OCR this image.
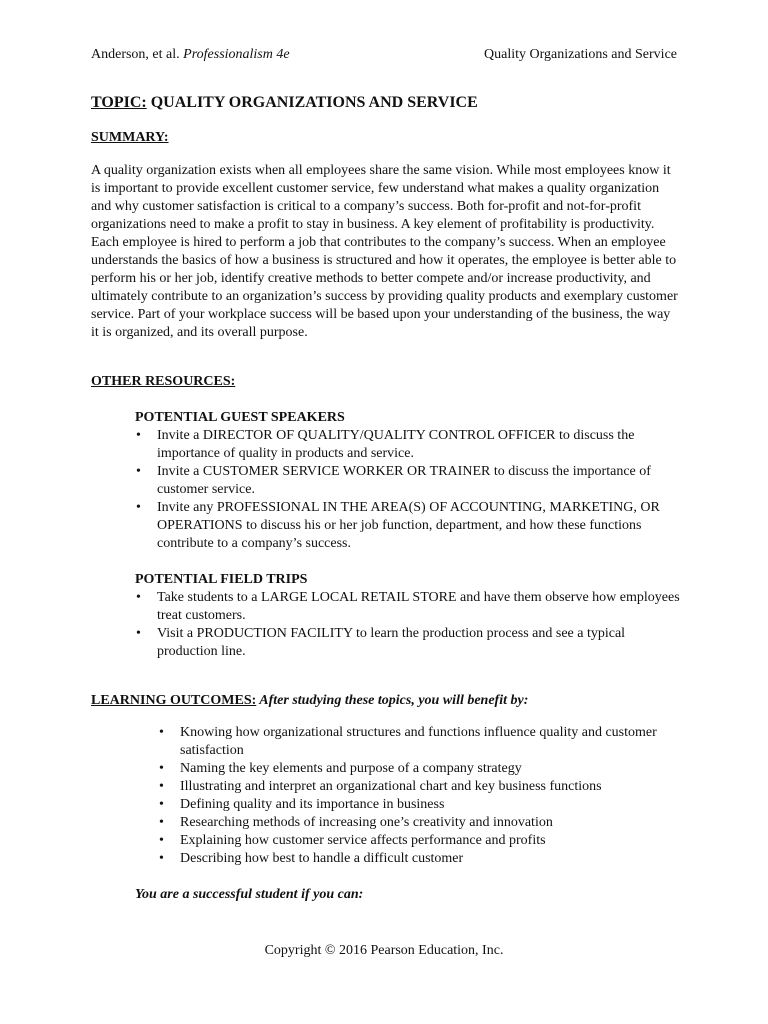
Anderson, et al. Professionalism 4e	Quality Organizations and Service

TOPIC: QUALITY ORGANIZATIONS AND SERVICE

SUMMARY:

A quality organization exists when all employees share the same vision. While most employees know it is important to provide excellent customer service, few understand what makes a quality organization and why customer satisfaction is critical to a company’s success. Both for-profit and not-for-profit organizations need to make a profit to stay in business. A key element of profitability is productivity. Each employee is hired to perform a job that contributes to the company’s success. When an employee understands the basics of how a business is structured and how it operates, the employee is better able to perform his or her job, identify creative methods to better compete and/or increase productivity, and ultimately contribute to an organization’s success by providing quality products and exemplary customer service. Part of your workplace success will be based upon your understanding of the business, the way it is organized, and its overall purpose.

OTHER RESOURCES:

POTENTIAL GUEST SPEAKERS

• Invite a DIRECTOR OF QUALITY/QUALITY CONTROL OFFICER to discuss the importance of quality in products and service.
• Invite a CUSTOMER SERVICE WORKER OR TRAINER to discuss the importance of customer service.
• Invite any PROFESSIONAL IN THE AREA(S) OF ACCOUNTING, MARKETING, OR OPERATIONS to discuss his or her job function, department, and how these functions contribute to a company’s success.

POTENTIAL FIELD TRIPS

• Take students to a LARGE LOCAL RETAIL STORE and have them observe how employees treat customers.
• Visit a PRODUCTION FACILITY to learn the production process and see a typical production line.

LEARNING OUTCOMES: After studying these topics, you will benefit by:

• Knowing how organizational structures and functions influence quality and customer satisfaction
• Naming the key elements and purpose of a company strategy
• Illustrating and interpret an organizational chart and key business functions
• Defining quality and its importance in business
• Researching methods of increasing one’s creativity and innovation
• Explaining how customer service affects performance and profits
• Describing how best to handle a difficult customer

You are a successful student if you can:

Copyright © 2016 Pearson Education, Inc.
